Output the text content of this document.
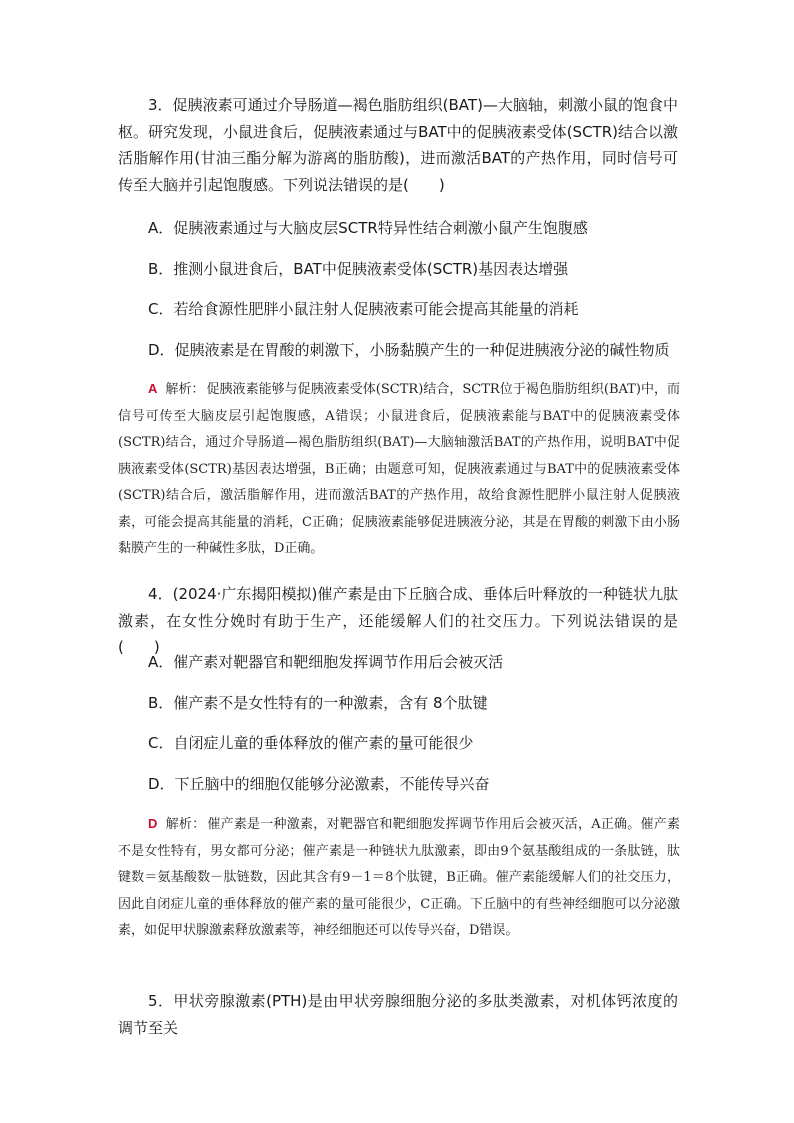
3．促胰液素可通过介导肠道—褐色脂肪组织(BAT)—大脑轴，刺激小鼠的饱食中枢。研究发现，小鼠进食后，促胰液素通过与BAT中的促胰液素受体(SCTR)结合以激活脂解作用(甘油三酯分解为游离的脂肪酸)，进而激活BAT的产热作用，同时信号可传至大脑并引起饱腹感。下列说法错误的是(　　)

A．促胰液素通过与大脑皮层SCTR特异性结合刺激小鼠产生饱腹感

B．推测小鼠进食后，BAT中促胰液素受体(SCTR)基因表达增强

C．若给食源性肥胖小鼠注射人促胰液素可能会提高其能量的消耗

D．促胰液素是在胃酸的刺激下，小肠黏膜产生的一种促进胰液分泌的碱性物质

A 解析： 促胰液素能够与促胰液素受体(SCTR)结合，SCTR位于褐色脂肪组织(BAT)中，而信号可传至大脑皮层引起饱腹感，A错误；小鼠进食后，促胰液素能与BAT中的促胰液素受体(SCTR)结合，通过介导肠道—褐色脂肪组织(BAT)—大脑轴激活BAT的产热作用，说明BAT中促胰液素受体(SCTR)基因表达增强，B正确；由题意可知，促胰液素通过与BAT中的促胰液素受体(SCTR)结合后，激活脂解作用，进而激活BAT的产热作用，故给食源性肥胖小鼠注射人促胰液素，可能会提高其能量的消耗，C正确；促胰液素能够促进胰液分泌，其是在胃酸的刺激下由小肠黏膜产生的一种碱性多肽，D正确。

4．(2024·广东揭阳模拟)催产素是由下丘脑合成、垂体后叶释放的一种链状九肽激素，在女性分娩时有助于生产，还能缓解人们的社交压力。下列说法错误的是(　　)

A．催产素对靶器官和靶细胞发挥调节作用后会被灭活

B．催产素不是女性特有的一种激素，含有 8个肽键

C．自闭症儿童的垂体释放的催产素的量可能很少

D．下丘脑中的细胞仅能够分泌激素，不能传导兴奋

D 解析： 催产素是一种激素，对靶器官和靶细胞发挥调节作用后会被灭活，A正确。催产素不是女性特有，男女都可分泌；催产素是一种链状九肽激素，即由9个氨基酸组成的一条肽链，肽键数＝氨基酸数－肽链数，因此其含有9－1＝8个肽键，B正确。催产素能缓解人们的社交压力，因此自闭症儿童的垂体释放的催产素的量可能很少，C正确。下丘脑中的有些神经细胞可以分泌激素，如促甲状腺激素释放激素等，神经细胞还可以传导兴奋，D错误。

5．甲状旁腺激素(PTH)是由甲状旁腺细胞分泌的多肽类激素，对机体钙浓度的调节至关
